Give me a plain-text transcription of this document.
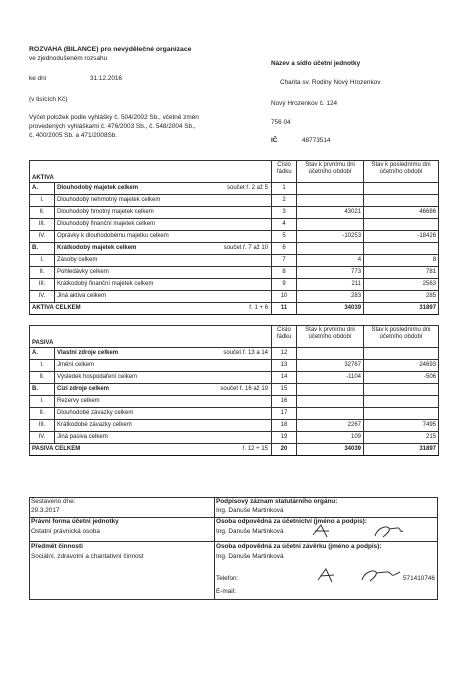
ROZVAHA (BILANCE) pro nevýdělečné organizace
ve zjednodušeném rozsahu
ke dni	31.12.2016
(v tisících Kč)
Výčet položek podle vyhlášky č. 504/2002 Sb., včetně změn
provedených vyhláškami č. 476/2003 Sb., č. 548/2004 Sb.,
č. 400/2005 Sb. a 471/2008Sb.
Název a sídlo účetní jednotky
Charita sv. Rodiny Nový Hrozenkov
Nový Hrozenkov č. 124
756 04
IČ	48773514
AKTIVA		Číslo řádku	Stav k prvnímu dni účetního období	Stav k poslednímu dni účetního období
A.	Dlouhodobý majetek celkem součet ř. 2 až 5	1		
I.	Dlouhodobý nehmotný majetek celkem	2		
II.	Dlouhodobý hmotný majetek celkem	3	43021	46686
III.	Dlouhodobý finanční majetek celkem	4		
IV.	Oprávky k dlouhodobému majetku celkem	5	-10253	-18426
B.	Krátkodobý majetek celkem součet ř. 7 až 10	6		
I.	Zásoby celkem	7	4	8
II.	Pohledávky celkem	8	773	781
III.	Krátkodobý finanční majetek celkem	9	211	2563
IV.	Jiná aktiva celkem	10	283	285
AKTIVA CELKEM ř. 1 + 6		11	34039	31897
PASIVA		Číslo řádku	Stav k prvnímu dni účetního období	Stav k poslednímu dni účetního období
A.	Vlastní zdroje celkem součet ř. 13 a 14	12		
I.	Jmění celkem	13	32767	24693
II.	Výsledek hospodaření celkem	14	-1104	-506
B.	Cizí zdroje celkem součet ř. 16 až 19	15		
I.	Rezervy celkem	16		
II.	Dlouhodobé závazky celkem	17		
III.	Krátkodobé závazky celkem	18	2267	7495
IV.	Jiná pasiva celkem	19	109	215
PASIVA CELKEM ř. 12 + 15		20	34039	31897
Sestaveno dne:
29.3.2017
Podpisový záznam statutárního orgánu:
Ing. Danuše Martinková
Právní forma účetní jednotky
Ostatní právnická osoba
Osoba odpovědná za účetnictví (jméno a podpis):
Ing. Danuše Martinková
Předmět činnosti
Sociální, zdravotní a charitativní činnost
Osoba odpovědná za účetní závěrku (jméno a podpis):
Ing. Danuše Martinková
Telefon:	571410746
E-mail:
